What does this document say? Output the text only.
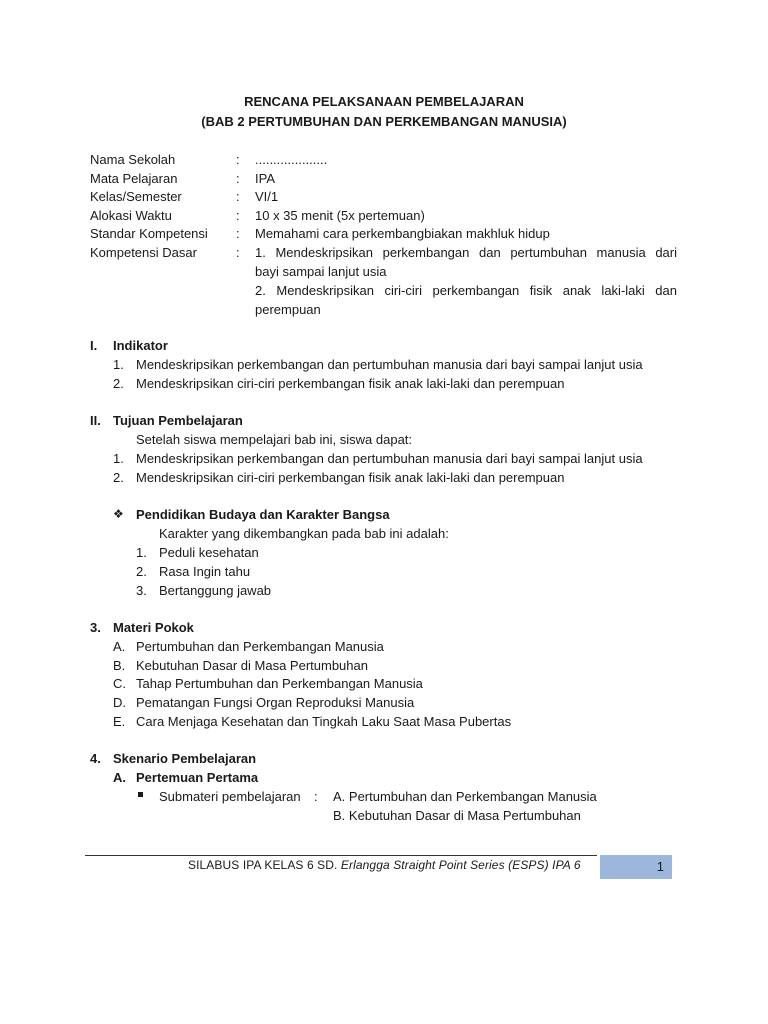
RENCANA PELAKSANAAN PEMBELAJARAN
(BAB 2 PERTUMBUHAN DAN PERKEMBANGAN MANUSIA)
Nama Sekolah	: ....................
Mata Pelajaran	: IPA
Kelas/Semester	: VI/1
Alokasi Waktu	: 10 x 35 menit (5x pertemuan)
Standar Kompetensi : Memahami cara perkembangbiakan makhluk hidup
Kompetensi Dasar	: 1. Mendeskripsikan perkembangan dan pertumbuhan manusia dari
bayi sampai lanjut usia
2. Mendeskripsikan ciri-ciri perkembangan fisik anak laki-laki dan
perempuan
I. Indikator
1. Mendeskripsikan perkembangan dan pertumbuhan manusia dari bayi sampai lanjut usia
2. Mendeskripsikan ciri-ciri perkembangan fisik anak laki-laki dan perempuan
II. Tujuan Pembelajaran
Setelah siswa mempelajari bab ini, siswa dapat:
1. Mendeskripsikan perkembangan dan pertumbuhan manusia dari bayi sampai lanjut usia
2. Mendeskripsikan ciri-ciri perkembangan fisik anak laki-laki dan perempuan
❖ Pendidikan Budaya dan Karakter Bangsa
Karakter yang dikembangkan pada bab ini adalah:
1. Peduli kesehatan
2. Rasa Ingin tahu
3. Bertanggung jawab
3. Materi Pokok
A. Pertumbuhan dan Perkembangan Manusia
B. Kebutuhan Dasar di Masa Pertumbuhan
C. Tahap Pertumbuhan dan Perkembangan Manusia
D. Pematangan Fungsi Organ Reproduksi Manusia
E. Cara Menjaga Kesehatan dan Tingkah Laku Saat Masa Pubertas
4. Skenario Pembelajaran
A. Pertemuan Pertama
Submateri pembelajaran : A. Pertumbuhan dan Perkembangan Manusia
B. Kebutuhan Dasar di Masa Pertumbuhan
SILABUS IPA KELAS 6 SD. Erlangga Straight Point Series (ESPS) IPA 6	1
